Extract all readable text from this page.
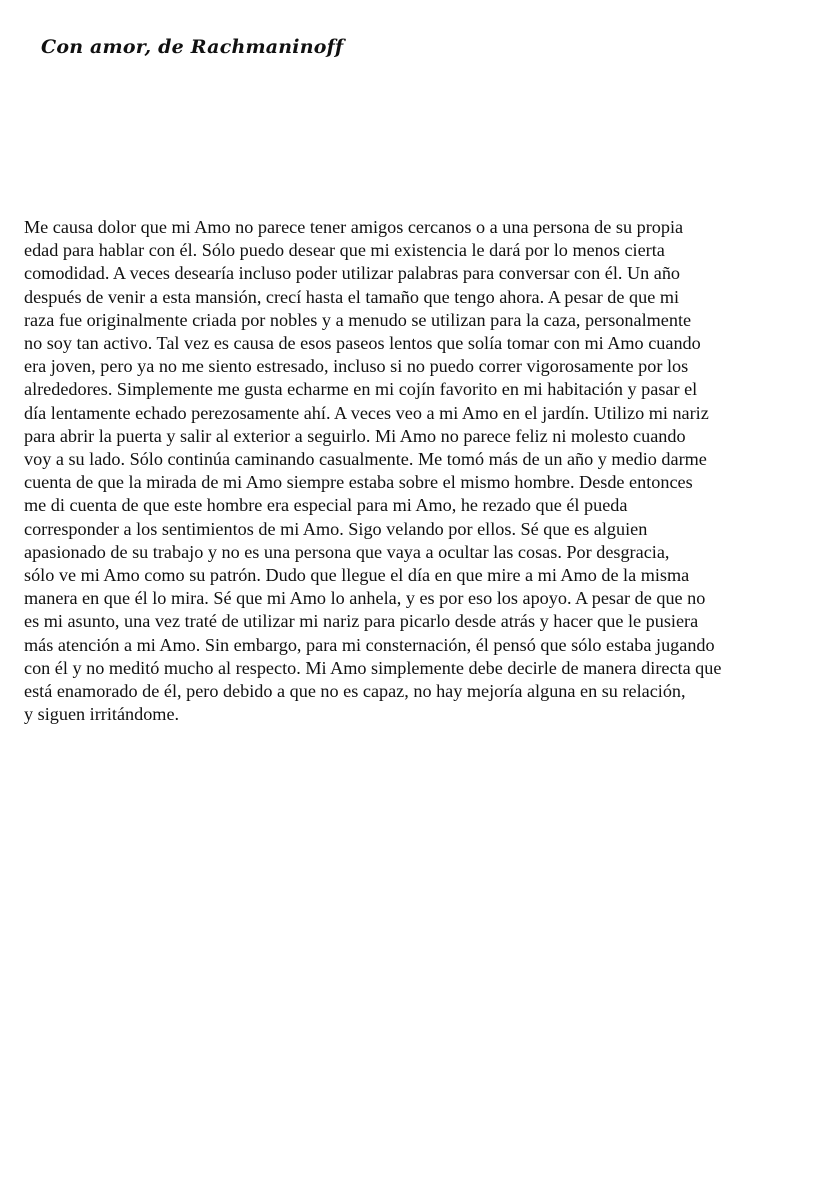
Con amor, de Rachmaninoff

Me causa dolor que mi Amo no parece tener amigos cercanos o a una persona de su propia
edad para hablar con él. Sólo puedo desear que mi existencia le dará por lo menos cierta
comodidad. A veces desearía incluso poder utilizar palabras para conversar con él. Un año
después de venir a esta mansión, crecí hasta el tamaño que tengo ahora. A pesar de que mi
raza fue originalmente criada por nobles y a menudo se utilizan para la caza, personalmente
no soy tan activo. Tal vez es causa de esos paseos lentos que solía tomar con mi Amo cuando
era joven, pero ya no me siento estresado, incluso si no puedo correr vigorosamente por los
alrededores. Simplemente me gusta echarme en mi cojín favorito en mi habitación y pasar el
día lentamente echado perezosamente ahí. A veces veo a mi Amo en el jardín. Utilizo mi nariz
para abrir la puerta y salir al exterior a seguirlo. Mi Amo no parece feliz ni molesto cuando
voy a su lado. Sólo continúa caminando casualmente. Me tomó más de un año y medio darme
cuenta de que la mirada de mi Amo siempre estaba sobre el mismo hombre. Desde entonces
me di cuenta de que este hombre era especial para mi Amo, he rezado que él pueda
corresponder a los sentimientos de mi Amo. Sigo velando por ellos. Sé que es alguien
apasionado de su trabajo y no es una persona que vaya a ocultar las cosas. Por desgracia,
sólo ve mi Amo como su patrón. Dudo que llegue el día en que mire a mi Amo de la misma
manera en que él lo mira. Sé que mi Amo lo anhela, y es por eso los apoyo. A pesar de que no
es mi asunto, una vez traté de utilizar mi nariz para picarlo desde atrás y hacer que le pusiera
más atención a mi Amo. Sin embargo, para mi consternación, él pensó que sólo estaba jugando
con él y no meditó mucho al respecto. Mi Amo simplemente debe decirle de manera directa que
está enamorado de él, pero debido a que no es capaz, no hay mejoría alguna en su relación,
y siguen irritándome.
